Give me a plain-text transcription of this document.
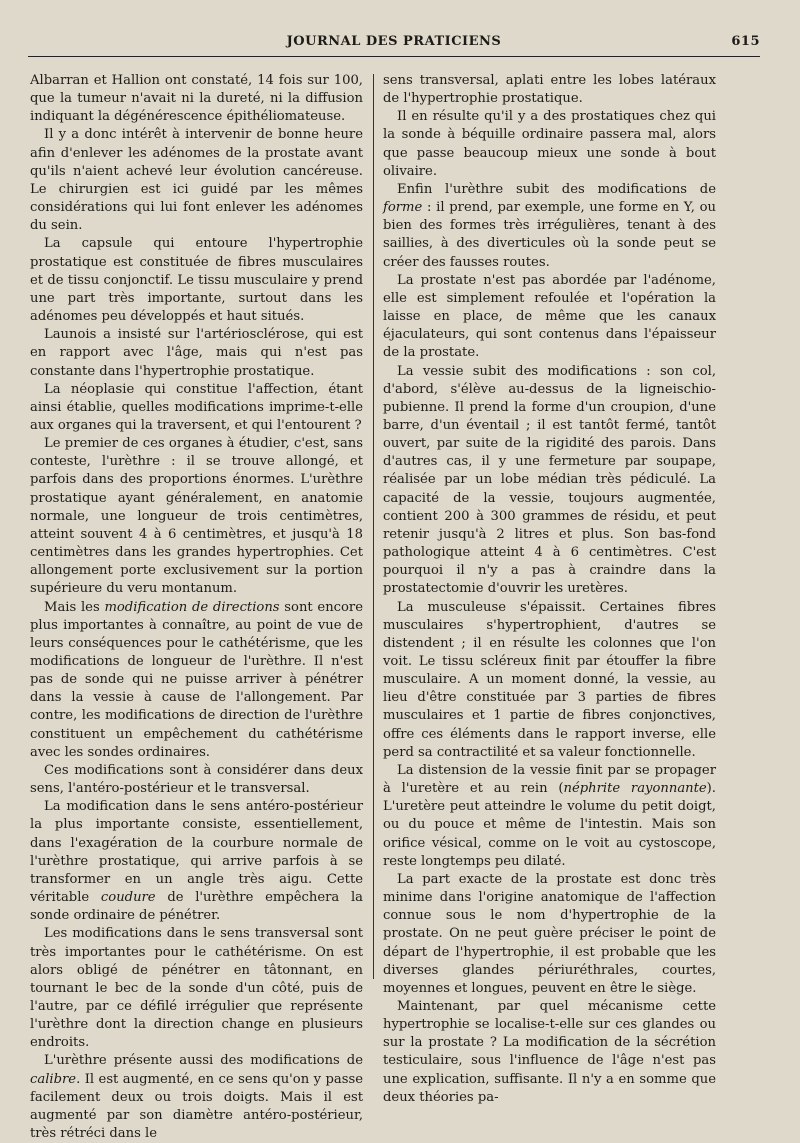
JOURNAL DES PRATICIENS	615

Albarran et Hallion ont constaté, 14 fois sur 100, que la tumeur n'avait ni la dureté, ni la diffusion indiquant la dégénérescence épithéliomateuse.

Il y a donc intérêt à intervenir de bonne heure afin d'enlever les adénomes de la prostate avant qu'ils n'aient achevé leur évolution cancéreuse. Le chirurgien est ici guidé par les mêmes considérations qui lui font enlever les adénomes du sein.

La capsule qui entoure l'hypertrophie prostatique est constituée de fibres musculaires et de tissu conjonctif. Le tissu musculaire y prend une part très importante, surtout dans les adénomes peu développés et haut situés.

Launois a insisté sur l'artériosclérose, qui est en rapport avec l'âge, mais qui n'est pas constante dans l'hypertrophie prostatique.

La néoplasie qui constitue l'affection, étant ainsi établie, quelles modifications imprime-t-elle aux organes qui la traversent, et qui l'entourent ?

Le premier de ces organes à étudier, c'est, sans conteste, l'urèthre : il se trouve allongé, et parfois dans des proportions énormes. L'urèthre prostatique ayant généralement, en anatomie normale, une longueur de trois centimètres, atteint souvent 4 à 6 centimètres, et jusqu'à 18 centimètres dans les grandes hypertrophies. Cet allongement porte exclusivement sur la portion supérieure du veru montanum.

Mais les modification de directions sont encore plus importantes à connaître, au point de vue de leurs conséquences pour le cathétérisme, que les modifications de longueur de l'urèthre. Il n'est pas de sonde qui ne puisse arriver à pénétrer dans la vessie à cause de l'allongement. Par contre, les modifications de direction de l'urèthre constituent un empêchement du cathétérisme avec les sondes ordinaires.

Ces modifications sont à considérer dans deux sens, l'antéro-postérieur et le transversal.

La modification dans le sens antéro-postérieur la plus importante consiste, essentiellement, dans l'exagération de la courbure normale de l'urèthre prostatique, qui arrive parfois à se transformer en un angle très aigu. Cette véritable coudure de l'urèthre empêchera la sonde ordinaire de pénétrer.

Les modifications dans le sens transversal sont très importantes pour le cathétérisme. On est alors obligé de pénétrer en tâtonnant, en tournant le bec de la sonde d'un côté, puis de l'autre, par ce défilé irrégulier que représente l'urèthre dont la direction change en plusieurs endroits.

L'urèthre présente aussi des modifications de calibre. Il est augmenté, en ce sens qu'on y passe facilement deux ou trois doigts. Mais il est augmenté par son diamètre antéro-postérieur, très rétréci dans le

sens transversal, aplati entre les lobes latéraux de l'hypertrophie prostatique.

Il en résulte qu'il y a des prostatiques chez qui la sonde à béquille ordinaire passera mal, alors que passe beaucoup mieux une sonde à bout olivaire.

Enfin l'urèthre subit des modifications de forme : il prend, par exemple, une forme en Y, ou bien des formes très irrégulières, tenant à des saillies, à des diverticules où la sonde peut se créer des fausses routes.

La prostate n'est pas abordée par l'adénome, elle est simplement refoulée et l'opération la laisse en place, de même que les canaux éjaculateurs, qui sont contenus dans l'épaisseur de la prostate.

La vessie subit des modifications : son col, d'abord, s'élève au-dessus de la ligneischio-pubienne. Il prend la forme d'un croupion, d'une barre, d'un éventail ; il est tantôt fermé, tantôt ouvert, par suite de la rigidité des parois. Dans d'autres cas, il y une fermeture par soupape, réalisée par un lobe médian très pédiculé. La capacité de la vessie, toujours augmentée, contient 200 à 300 grammes de résidu, et peut retenir jusqu'à 2 litres et plus. Son bas-fond pathologique atteint 4 à 6 centimètres. C'est pourquoi il n'y a pas à craindre dans la prostatectomie d'ouvrir les uretères.

La musculeuse s'épaissit. Certaines fibres musculaires s'hypertrophient, d'autres se distendent ; il en résulte les colonnes que l'on voit. Le tissu scléreux finit par étouffer la fibre musculaire. A un moment donné, la vessie, au lieu d'être constituée par 3 parties de fibres musculaires et 1 partie de fibres conjonctives, offre ces éléments dans le rapport inverse, elle perd sa contractilité et sa valeur fonctionnelle.

La distension de la vessie finit par se propager à l'uretère et au rein (néphrite rayonnante). L'uretère peut atteindre le volume du petit doigt, ou du pouce et même de l'intestin. Mais son orifice vésical, comme on le voit au cystoscope, reste longtemps peu dilaté.

La part exacte de la prostate est donc très minime dans l'origine anatomique de l'affection connue sous le nom d'hypertrophie de la prostate. On ne peut guère préciser le point de départ de l'hypertrophie, il est probable que les diverses glandes périuréthrales, courtes, moyennes et longues, peuvent en être le siège.

Maintenant, par quel mécanisme cette hypertrophie se localise-t-elle sur ces glandes ou sur la prostate ? La modification de la sécrétion testiculaire, sous l'influence de l'âge n'est pas une explication, suffisante. Il n'y a en somme que deux théories pa-
